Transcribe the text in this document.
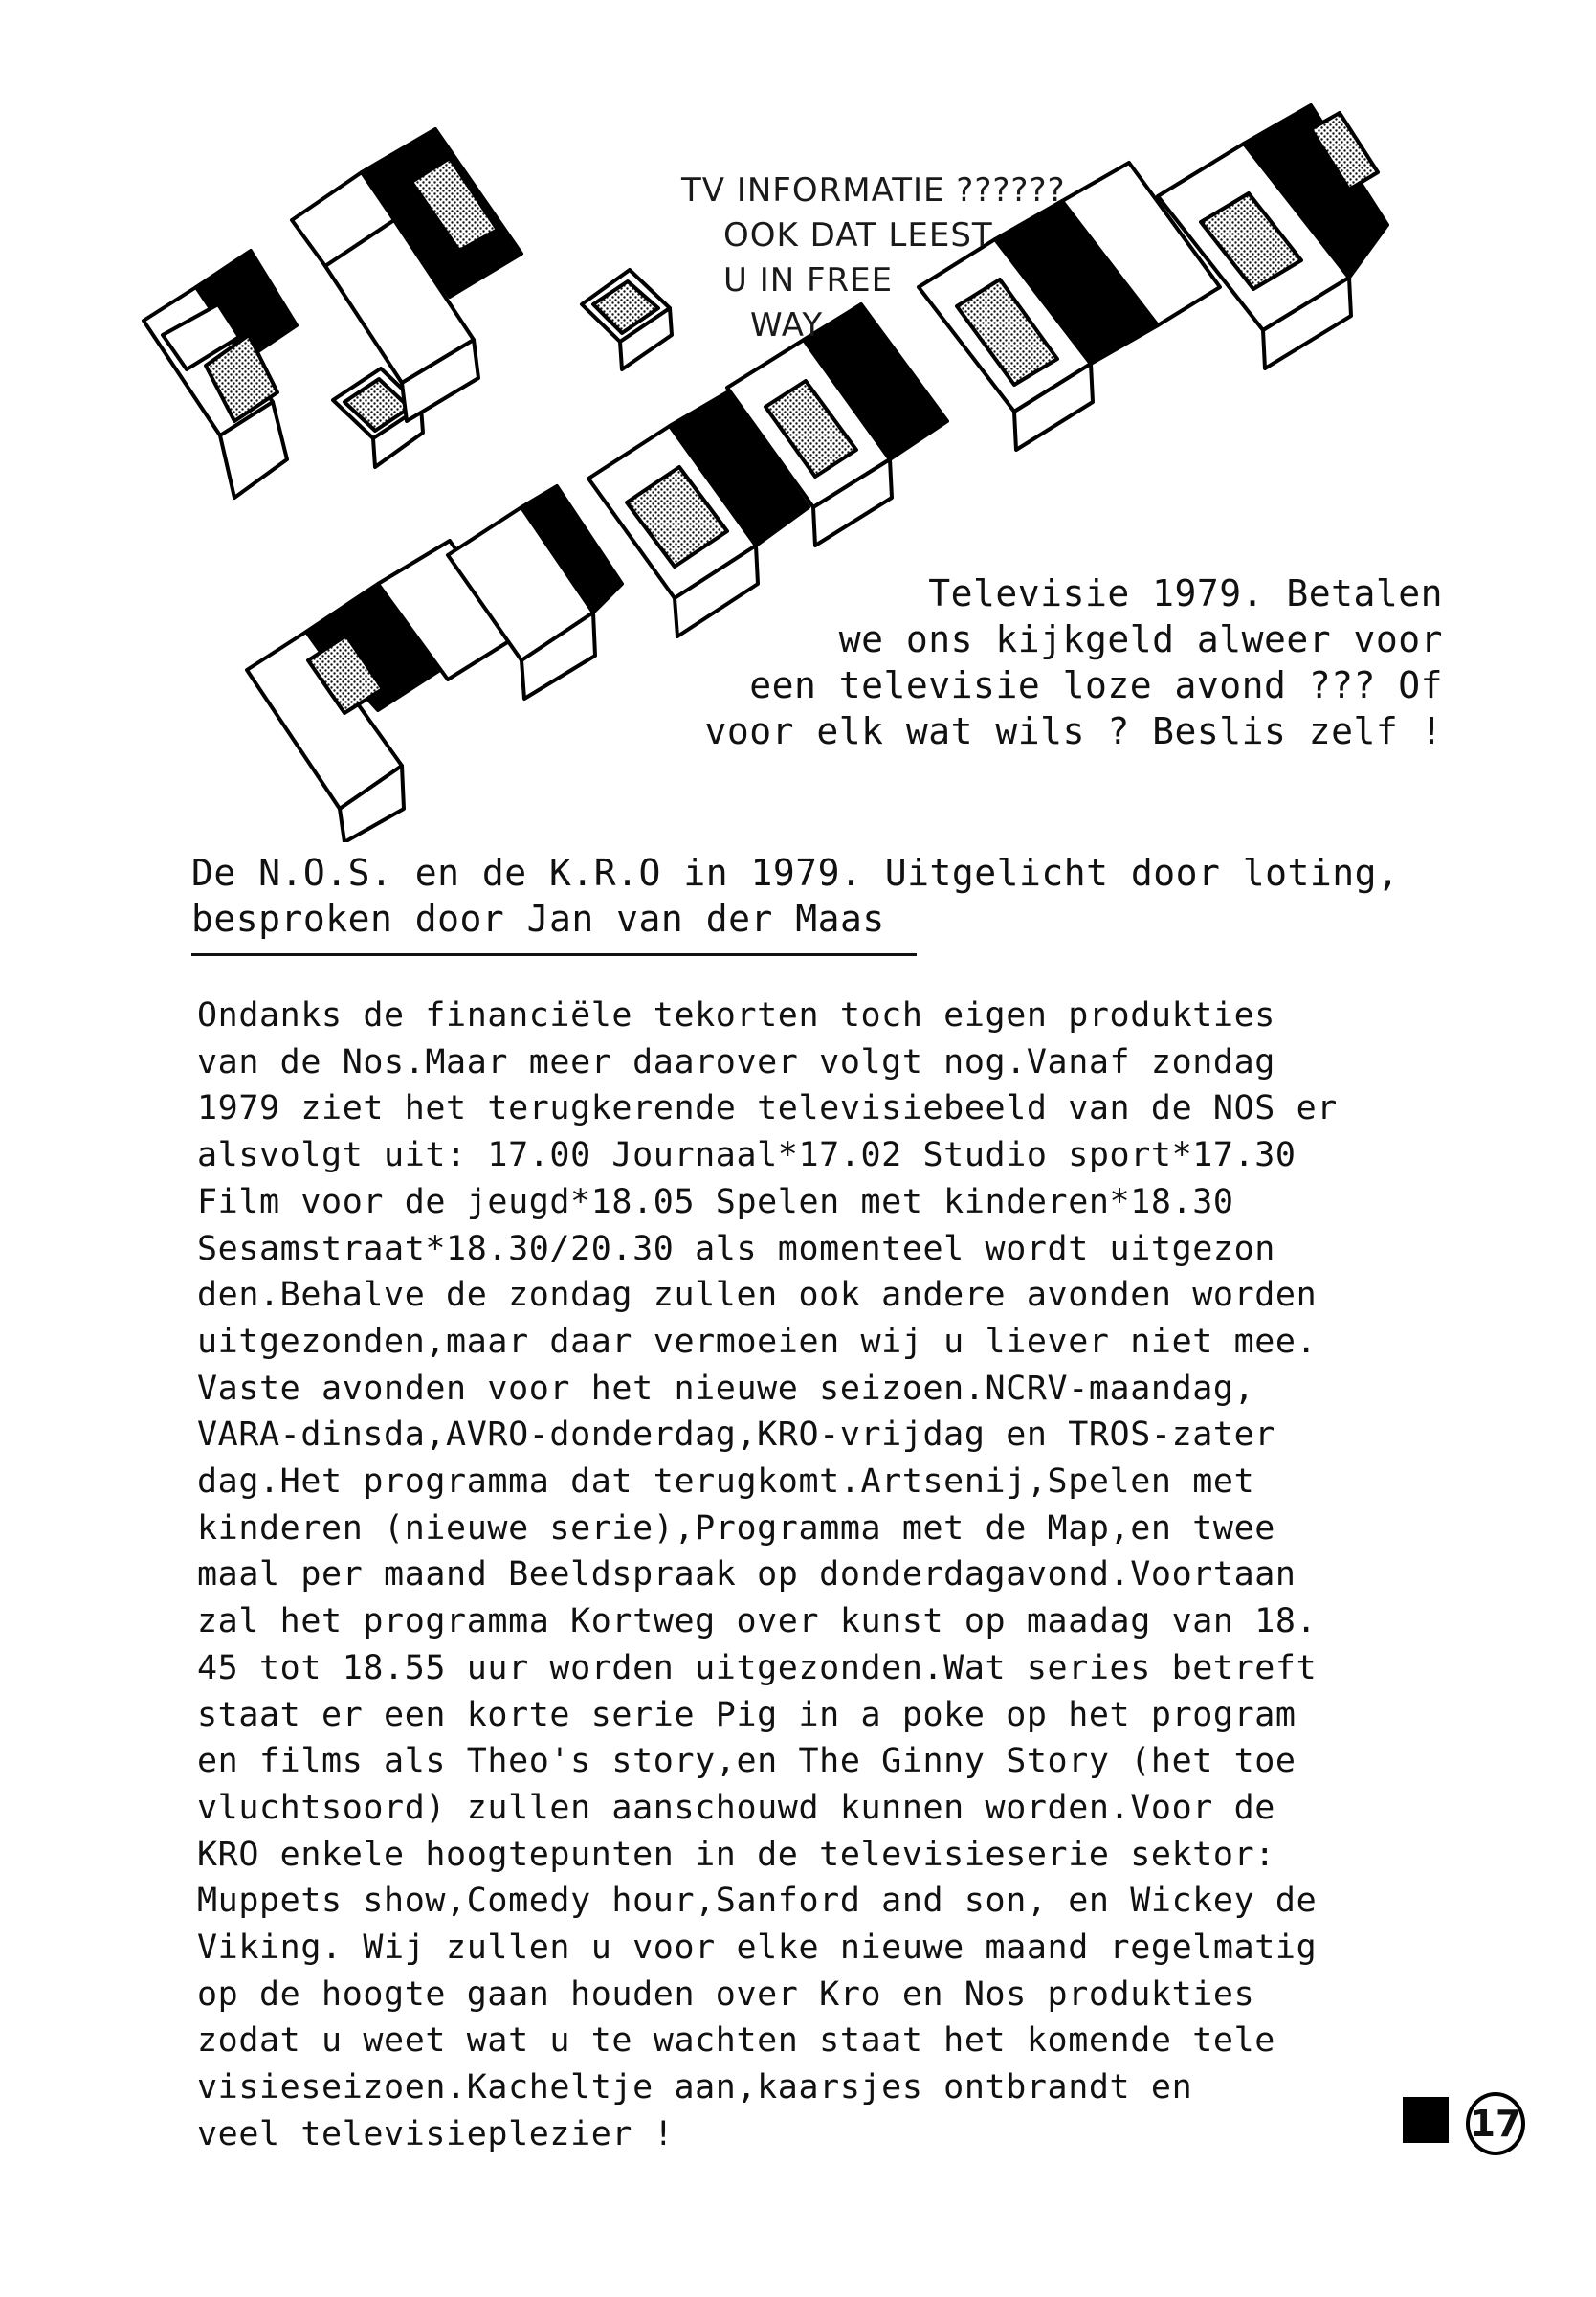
TV INFORMATIE ??????
OOK DAT LEEST
U IN FREE
WAY
Televisie 1979. Betalen
we ons kijkgeld alweer voor
een televisie loze avond ??? Of
voor elk wat wils ? Beslis zelf !
De N.O.S. en de K.R.O in 1979. Uitgelicht door loting,
besproken door Jan van der Maas
Ondanks de financiële tekorten toch eigen produkties
van de Nos.Maar meer daarover volgt nog.Vanaf zondag
1979 ziet het terugkerende televisiebeeld van de NOS er
alsvolgt uit: 17.00 Journaal*17.02 Studio sport*17.30
Film voor de jeugd*18.05 Spelen met kinderen*18.30
Sesamstraat*18.30/20.30 als momenteel wordt uitgezon
den.Behalve de zondag zullen ook andere avonden worden
uitgezonden,maar daar vermoeien wij u liever niet mee.
Vaste avonden voor het nieuwe seizoen.NCRV-maandag,
VARA-dinsda,AVRO-donderdag,KRO-vrijdag en TROS-zater
dag.Het programma dat terugkomt.Artsenij,Spelen met
kinderen (nieuwe serie),Programma met de Map,en twee
maal per maand Beeldspraak op donderdagavond.Voortaan
zal het programma Kortweg over kunst op maadag van 18.
45 tot 18.55 uur worden uitgezonden.Wat series betreft
staat er een korte serie Pig in a poke op het program
en films als Theo's story,en The Ginny Story (het toe
vluchtsoord) zullen aanschouwd kunnen worden.Voor de
KRO enkele hoogtepunten in de televisieserie sektor:
Muppets show,Comedy hour,Sanford and son, en Wickey de
Viking. Wij zullen u voor elke nieuwe maand regelmatig
op de hoogte gaan houden over Kro en Nos produkties
zodat u weet wat u te wachten staat het komende tele
visieseizoen.Kacheltje aan,kaarsjes ontbrandt en
veel televisieplezier !	17
